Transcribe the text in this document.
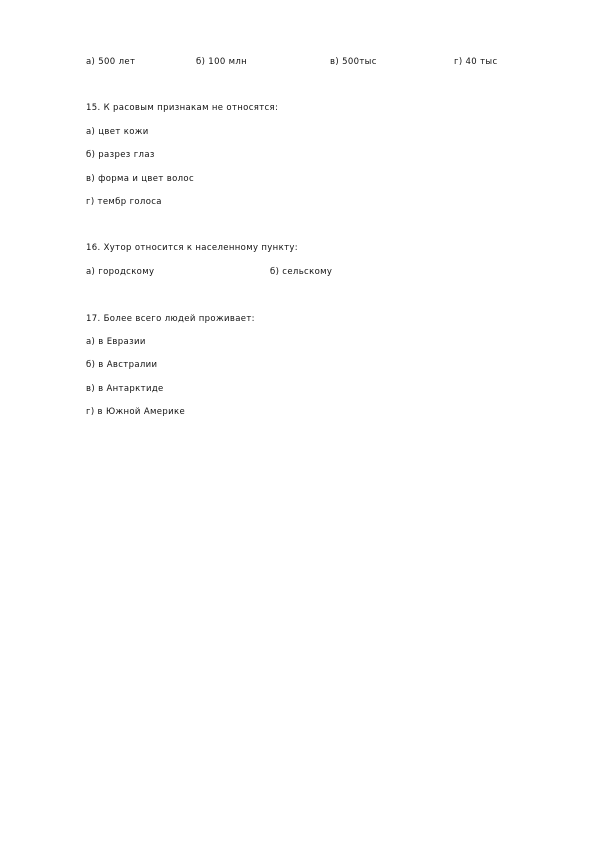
а) 500 лет	б) 100 млн	в) 500тыс	г) 40 тыс
15. К расовым признакам не относятся:
а) цвет кожи
б) разрез глаз
в) форма и цвет волос
г) тембр голоса
16. Хутор относится к населенному пункту:
а) городскому	б) сельскому
17. Более всего людей проживает:
а) в Евразии
б) в Австралии
в) в Антарктиде
г) в Южной Америке
